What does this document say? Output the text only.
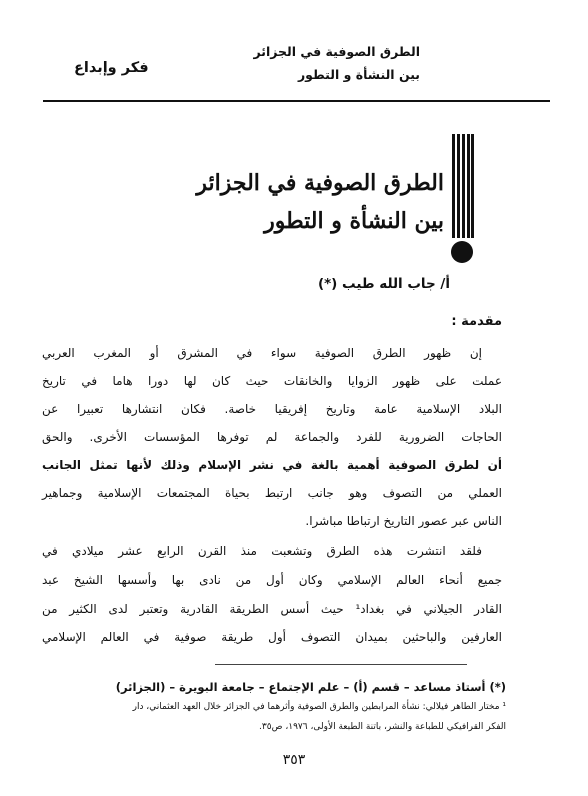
فكر وإبداع
الطرق الصوفية في الجزائر
بين النشأة و التطور
الطرق الصوفية في الجزائر
بين النشأة و التطور
أ/ جاب الله طيب (*)
مقدمة :
إن ظهور الطرق الصوفية سواء في المشرق أو المغرب العربي
عملت على ظهور الزوايا والخانقات حيث كان لها دورا هاما في تاريخ
البلاد الإسلامية عامة وتاريخ إفريقيا خاصة. فكان انتشارها تعبيرا عن
الحاجات الضرورية للفرد والجماعة لم توفرها المؤسسات الأخرى. والحق
أن لطرق الصوفية أهمية بالغة في نشر الإسلام وذلك لأنها تمثل الجانب
العملي من التصوف وهو جانب ارتبط بحياة المجتمعات الإسلامية وجماهير
الناس عبر عصور التاريخ ارتباطا مباشرا.
فلقد انتشرت هذه الطرق وتشعبت منذ القرن الرابع عشر ميلادي في
جميع أنحاء العالم الإسلامي وكان أول من نادى بها وأسسها الشيخ عبد
القادر الجيلاني في بغداد¹ حيث أسس الطريقة القادرية وتعتبر لدى الكثير من
العارفين والباحثين بميدان التصوف أول طريقة صوفية في العالم الإسلامي
(*) أستاذ مساعد – قسم (أ) – علم الإجتماع – جامعة البويرة – (الجزائر)
¹ مختار الطاهر فيلالي: نشأة المرابطين والطرق الصوفية وأثرهما في الجزائر خلال العهد العثماني، دار
الفكر القرافيكي للطباعة والنشر، باتنة الطبعة الأولى، ١٩٧٦، ص٣٥.
٣٥٣
